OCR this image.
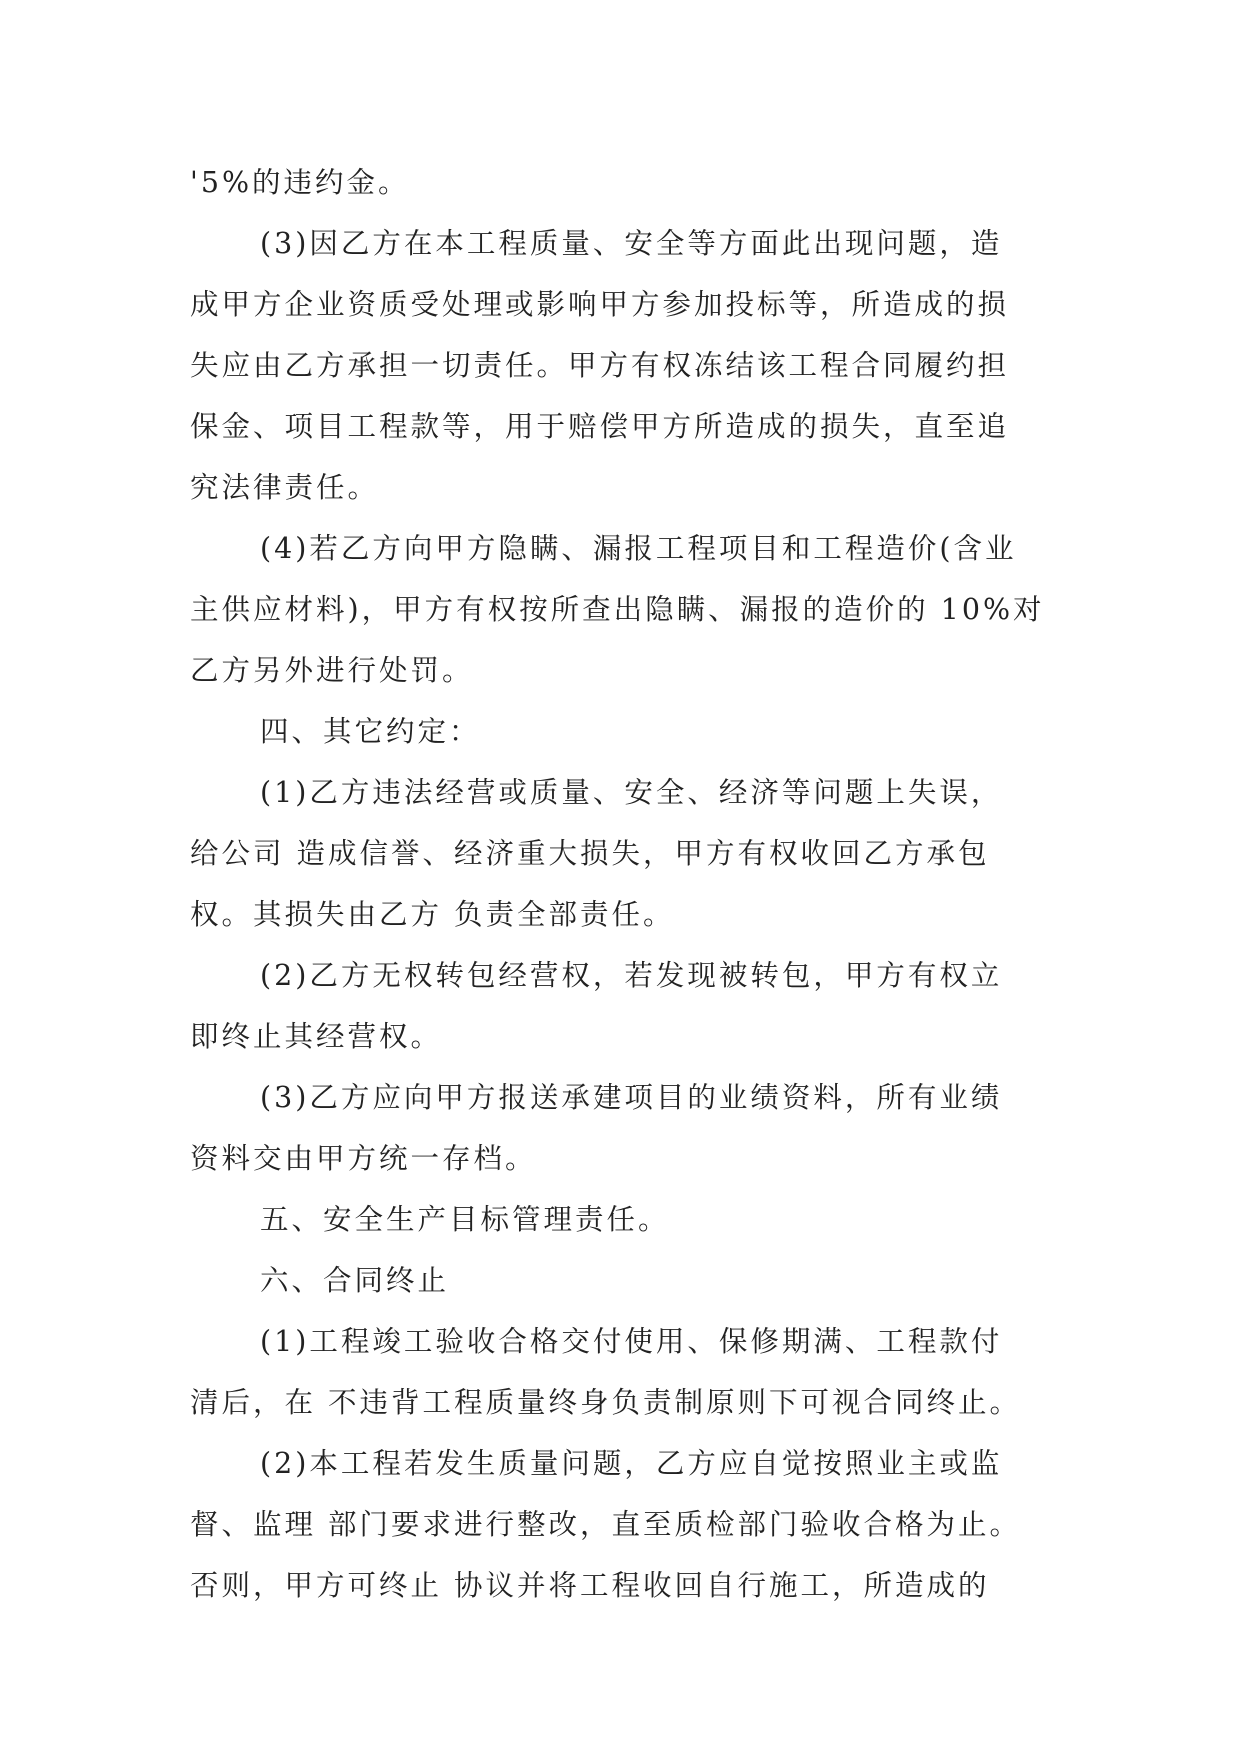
'5%的违约金。
(3)因乙方在本工程质量、安全等方面此出现问题，造
成甲方企业资质受处理或影响甲方参加投标等，所造成的损
失应由乙方承担一切责任。甲方有权冻结该工程合同履约担
保金、项目工程款等，用于赔偿甲方所造成的损失，直至追
究法律责任。
(4)若乙方向甲方隐瞒、漏报工程项目和工程造价(含业
主供应材料)，甲方有权按所查出隐瞒、漏报的造价的 10%对
乙方另外进行处罚。
四、其它约定：
(1)乙方违法经营或质量、安全、经济等问题上失误，
给公司 造成信誉、经济重大损失，甲方有权收回乙方承包
权。其损失由乙方 负责全部责任。
(2)乙方无权转包经营权，若发现被转包，甲方有权立
即终止其经营权。
(3)乙方应向甲方报送承建项目的业绩资料，所有业绩
资料交由甲方统一存档。
五、安全生产目标管理责任。
六、合同终止
(1)工程竣工验收合格交付使用、保修期满、工程款付
清后，在 不违背工程质量终身负责制原则下可视合同终止。
(2)本工程若发生质量问题，乙方应自觉按照业主或监
督、监理 部门要求进行整改，直至质检部门验收合格为止。
否则，甲方可终止 协议并将工程收回自行施工，所造成的
